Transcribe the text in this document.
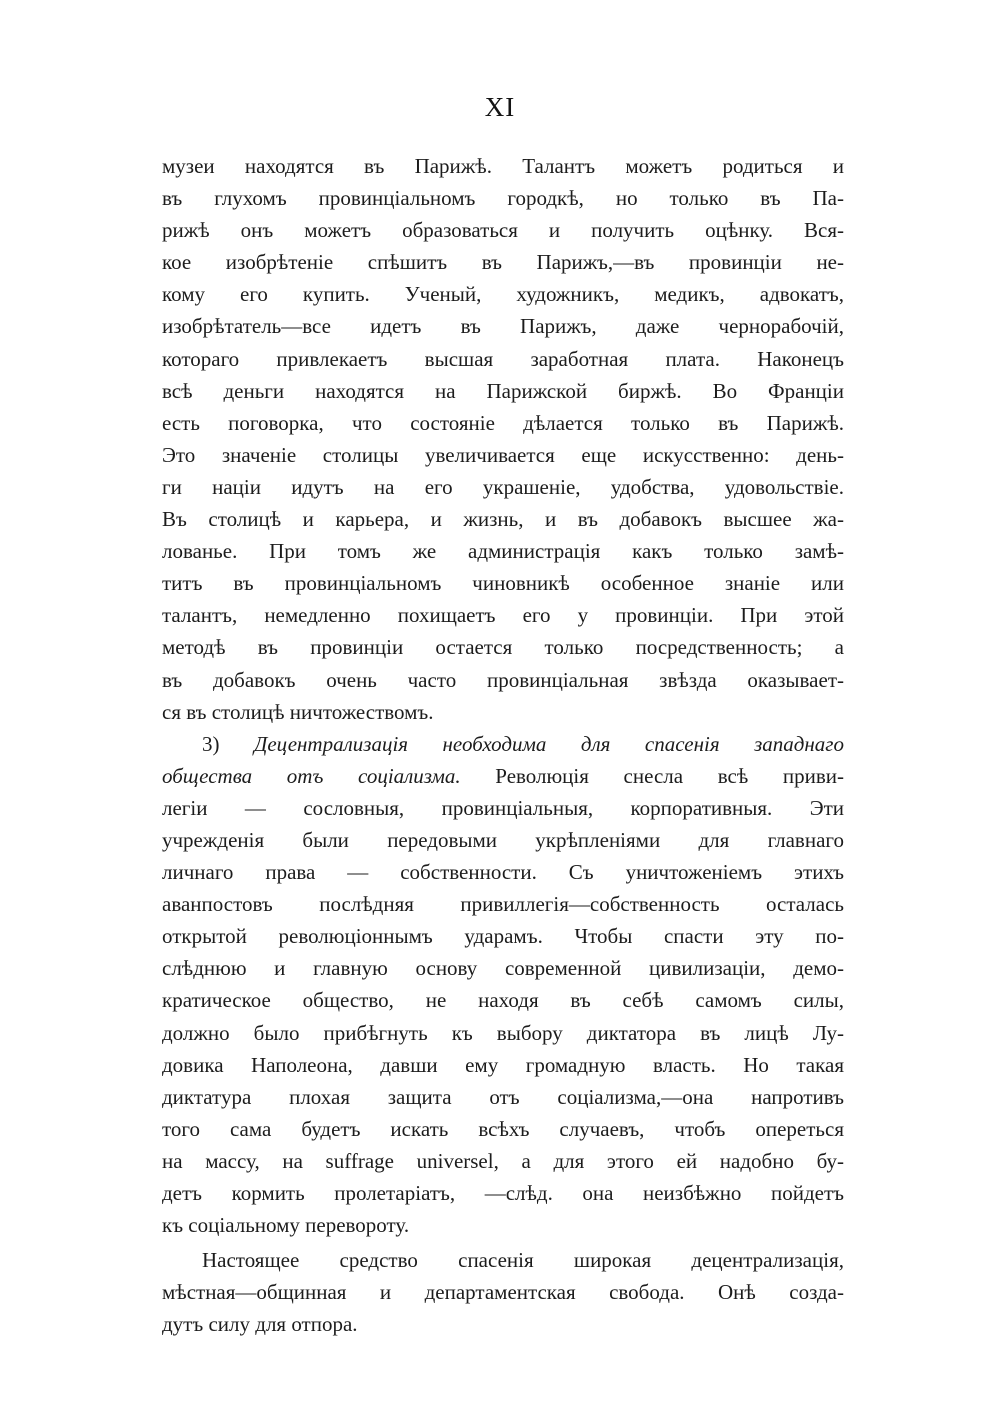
XI
музеи находятся въ Парижѣ. Талантъ можетъ родиться и
въ глухомъ провинціальномъ городкѣ, но только въ Па-
рижѣ онъ можетъ образоваться и получить оцѣнку. Вся-
кое изобрѣтеніе спѣшитъ въ Парижъ,—въ провинціи не-
кому его купить. Ученый, художникъ, медикъ, адвокатъ,
изобрѣтатель—все идетъ въ Парижъ, даже чернорабочій,
котораго привлекаетъ высшая заработная плата. Наконецъ
всѣ деньги находятся на Парижской биржѣ. Во Франціи
есть поговорка, что состояніе дѣлается только въ Парижѣ.
Это значеніе столицы увеличивается еще искусственно: день-
ги націи идутъ на его украшеніе, удобства, удовольствіе.
Въ столицѣ и карьера, и жизнь, и въ добавокъ высшее жа-
лованье. При томъ же администрація какъ только замѣ-
титъ въ провинціальномъ чиновникѣ особенное знаніе или
талантъ, немедленно похищаетъ его у провинціи. При этой
методѣ въ провинціи остается только посредственность; а
въ добавокъ очень часто провинціальная звѣзда оказывает-
ся въ столицѣ ничтожествомъ.
3) Децентрализація необходима для спасенія западнаго
общества отъ соціализма. Революція снесла всѣ приви-
легіи — сословныя, провинціальныя, корпоративныя. Эти
учрежденія были передовыми укрѣпленіями для главнаго
личнаго права — собственности. Съ уничтоженіемъ этихъ
аванпостовъ послѣдняя привиллегія—собственность осталась
открытой революціоннымъ ударамъ. Чтобы спасти эту по-
слѣднюю и главную основу современной цивилизаціи, демо-
кратическое общество, не находя въ себѣ самомъ силы,
должно было прибѣгнуть къ выбору диктатора въ лицѣ Лу-
довика Наполеона, давши ему громадную власть. Но такая
диктатура плохая защита отъ соціализма,—она напротивъ
того сама будетъ искать всѣхъ случаевъ, чтобъ опереться
на массу, на suffrage universel, а для этого ей надобно бу-
детъ кормить пролетаріатъ, —слѣд. она неизбѣжно пойдетъ
къ соціальному перевороту.
Настоящее средство спасенія широкая децентрализація,
мѣстная—общинная и департаментская свобода. Онѣ созда-
дутъ силу для отпора.
